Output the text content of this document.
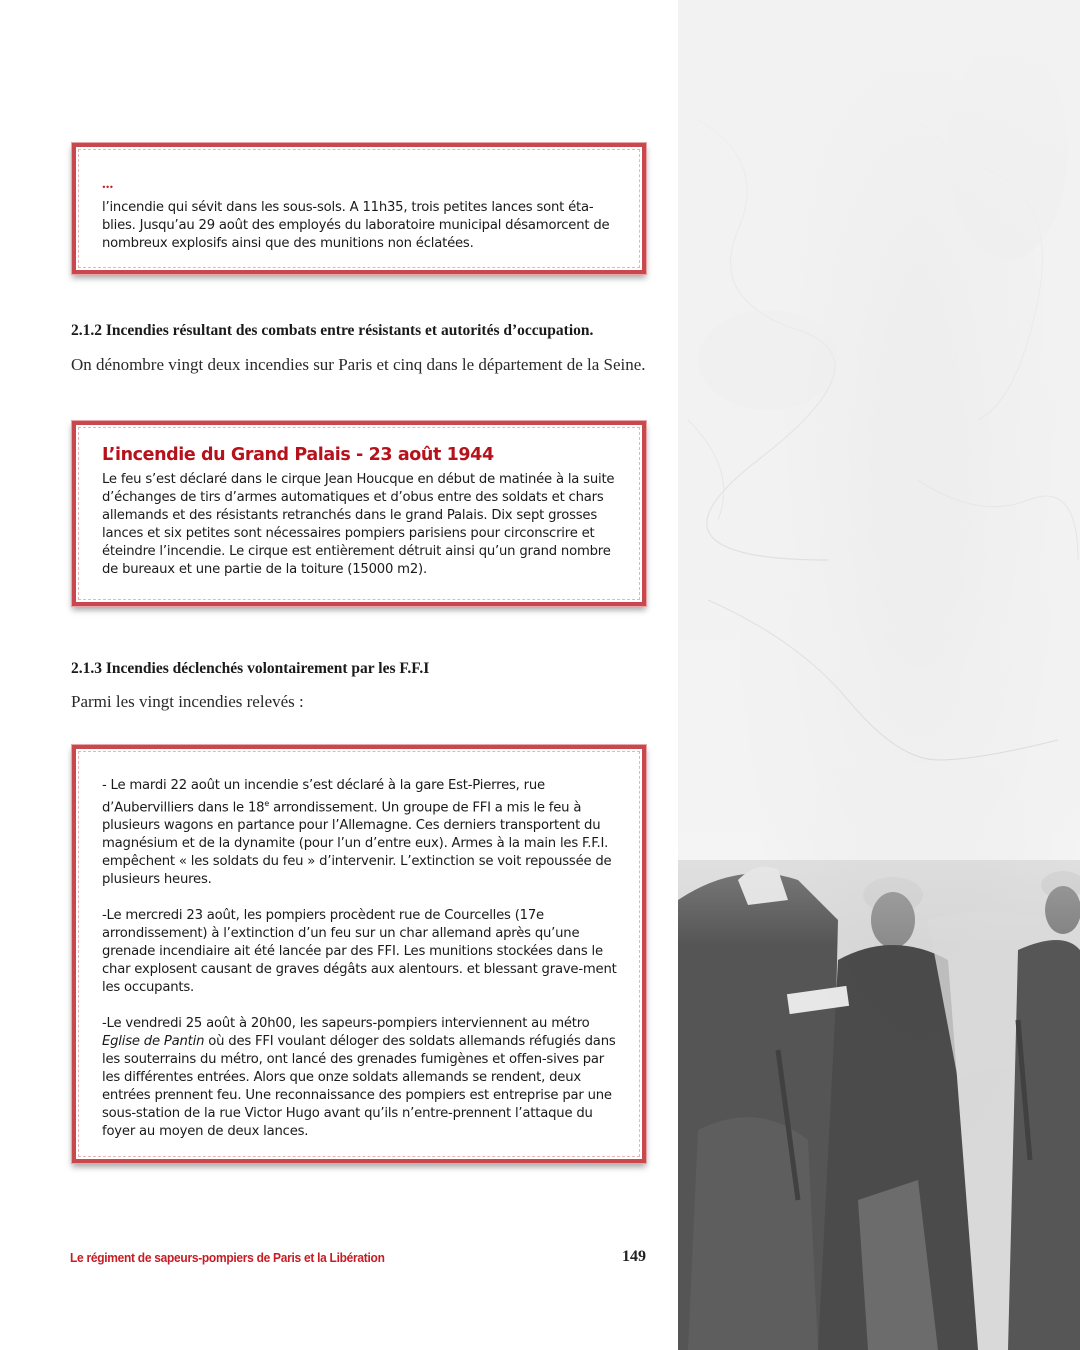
...

l’incendie qui sévit dans les sous-sols. A 11h35, trois petites lances sont éta-blies. Jusqu’au 29 août des employés du laboratoire municipal désamorcent de nombreux explosifs ainsi que des munitions non éclatées.

2.1.2 Incendies résultant des combats entre résistants et autorités d’occupation.
On dénombre vingt deux incendies sur Paris et cinq dans le département de la Seine.
L’incendie du Grand Palais - 23 août 1944

Le feu s’est déclaré dans le cirque Jean Houcque en début de matinée à la suite d’échanges de tirs d’armes automatiques et d’obus entre des soldats et chars allemands et des résistants retranchés dans le grand Palais. Dix sept grosses lances et six petites sont nécessaires pompiers parisiens pour circonscrire et éteindre l’incendie. Le cirque est entièrement détruit ainsi qu’un grand nombre de bureaux et une partie de la toiture (15000 m2).

2.1.3 Incendies déclenchés volontairement par les F.F.I
Parmi les vingt incendies relevés :

- Le mardi 22 août un incendie s’est déclaré à la gare Est-Pierres, rue d’Aubervilliers dans le 18e arrondissement. Un groupe de FFI a mis le feu à plusieurs wagons en partance pour l’Allemagne. Ces derniers transportent du magnésium et de la dynamite (pour l’un d’entre eux). Armes à la main les F.F.I. empêchent « les soldats du feu » d’intervenir. L’extinction se voit repoussée de plusieurs heures.

-Le mercredi 23 août, les pompiers procèdent rue de Courcelles (17e arrondissement) à l’extinction d’un feu sur un char allemand après qu’une grenade incendiaire ait été lancée par des FFI. Les munitions stockées dans le char explosent causant de graves dégâts aux alentours. et blessant grave-ment les occupants.

-Le vendredi 25 août à 20h00, les sapeurs-pompiers interviennent au métro Eglise de Pantin où des FFI voulant déloger des soldats allemands réfugiés dans les souterrains du métro, ont lancé des grenades fumigènes et offen-sives par les différentes entrées. Alors que onze soldats allemands se rendent, deux entrées prennent feu. Une reconnaissance des pompiers est entreprise par une sous-station de la rue Victor Hugo avant qu’ils n’entre-prennent l’attaque du foyer au moyen de deux lances.

Le régiment de sapeurs-pompiers de Paris et la Libération	149
